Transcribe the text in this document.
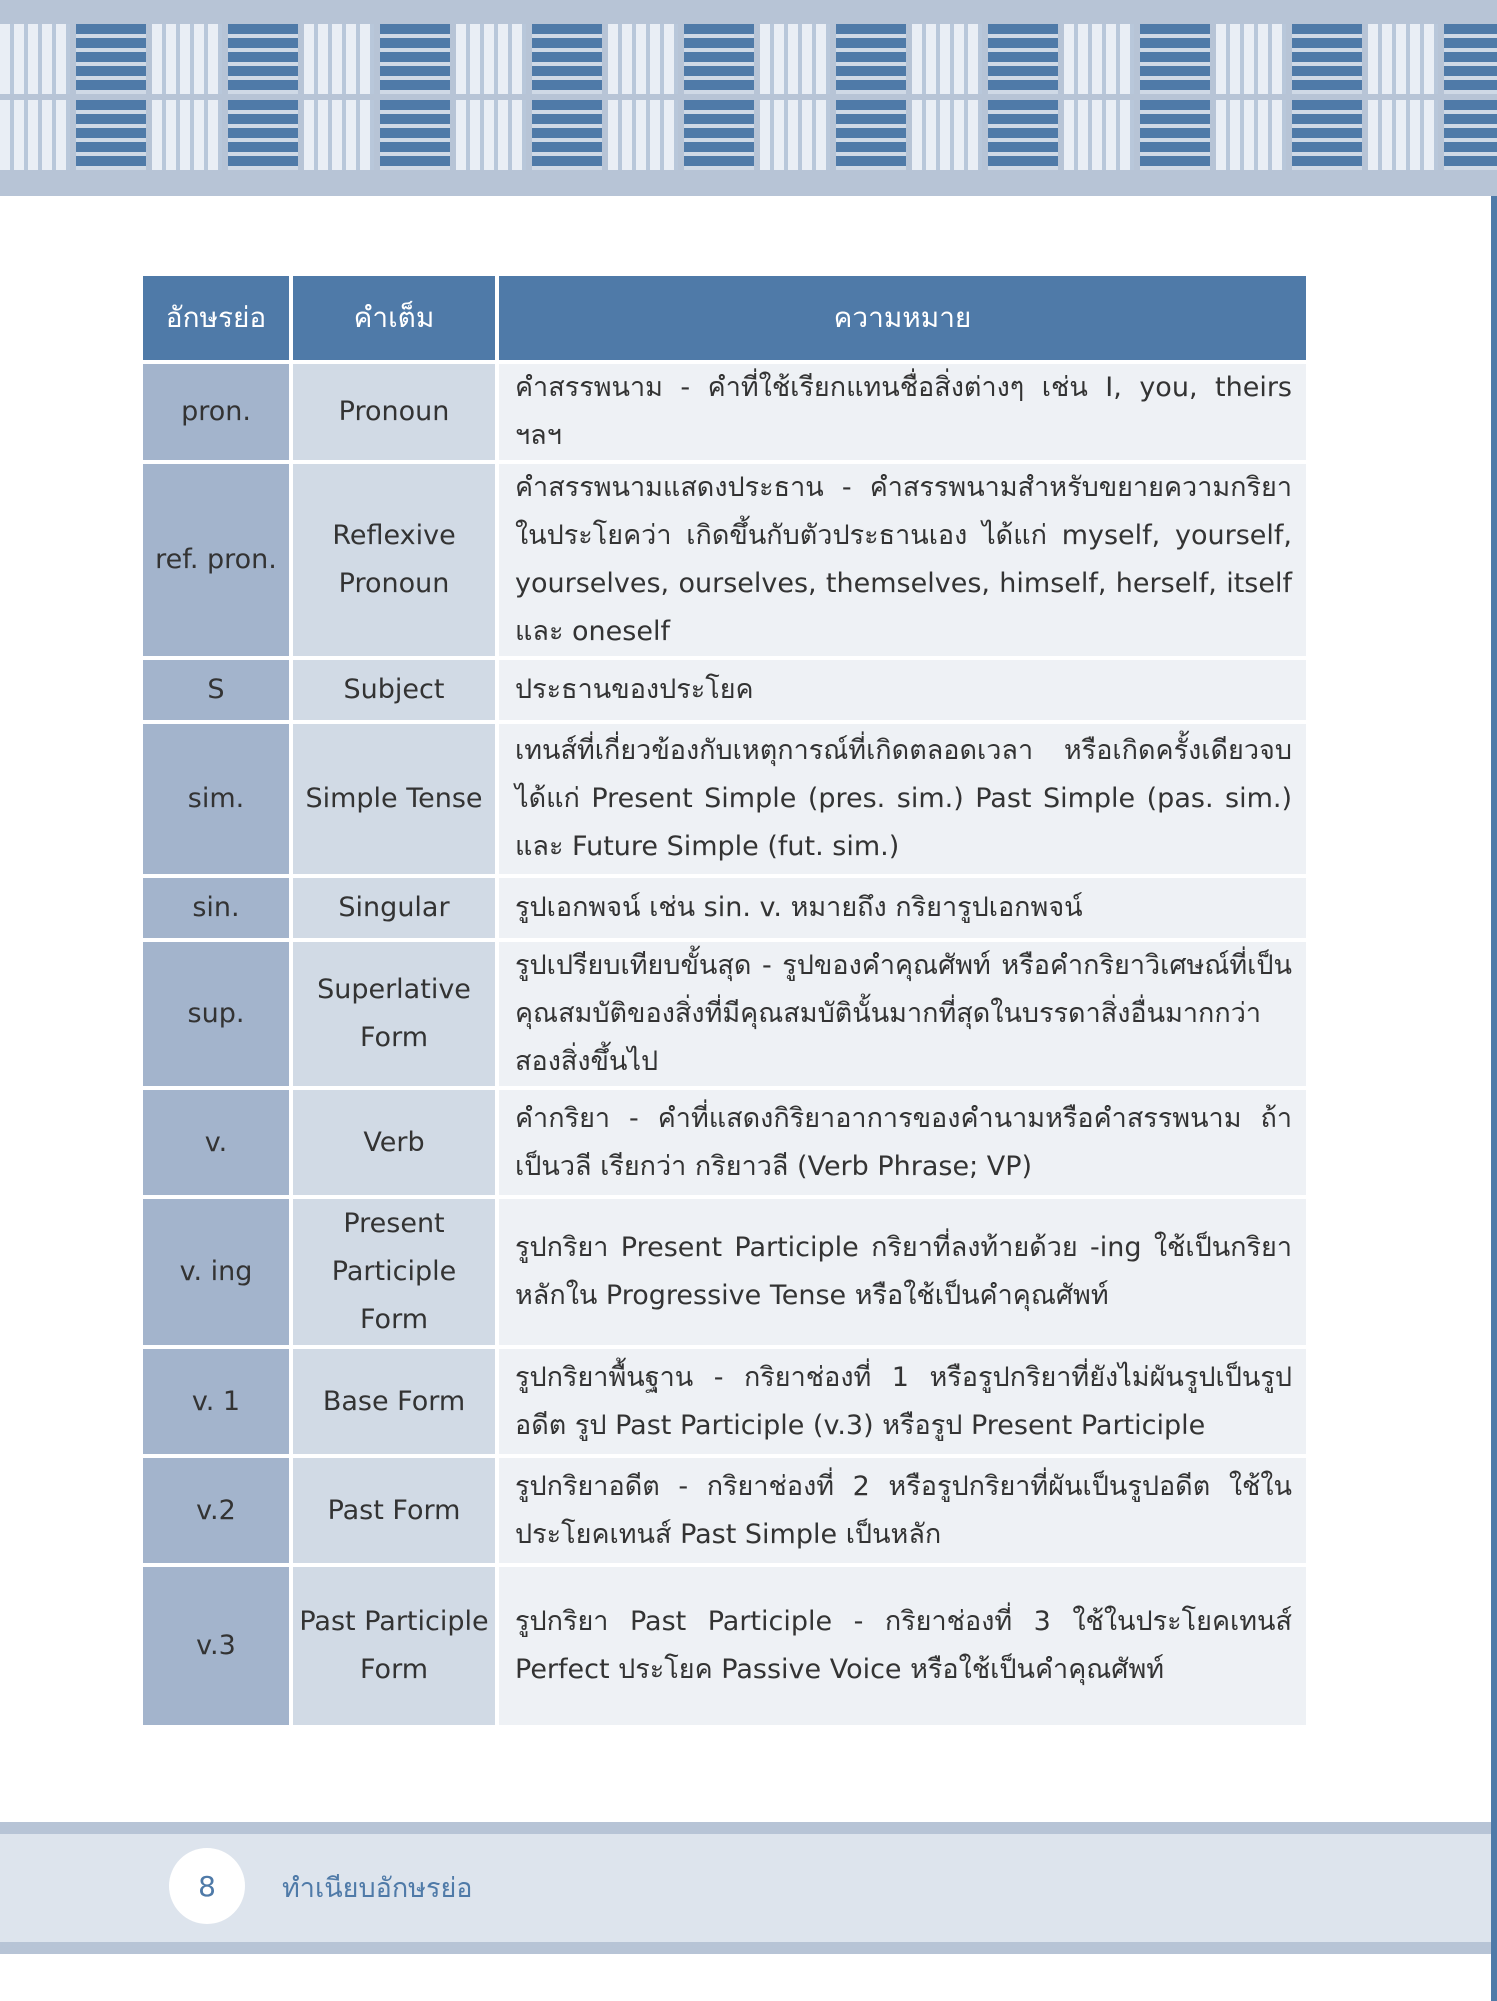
อักษรย่อ	คำเต็ม	ความหมาย
pron.	Pronoun	คำสรรพนาม - คำที่ใช้เรียกแทนชื่อสิ่งต่างๆ เช่น I, you, theirs ฯลฯ
ref. pron.	Reflexive Pronoun	คำสรรพนามแสดงประธาน - คำสรรพนามสำหรับขยายความกริยาในประโยคว่า เกิดขึ้นกับตัวประธานเอง ได้แก่ myself, yourself, yourselves, ourselves, themselves, himself, herself, itself และ oneself
S	Subject	ประธานของประโยค
sim.	Simple Tense	เทนส์ที่เกี่ยวข้องกับเหตุการณ์ที่เกิดตลอดเวลา หรือเกิดครั้งเดียวจบ ได้แก่ Present Simple (pres. sim.) Past Simple (pas. sim.) และ Future Simple (fut. sim.)
sin.	Singular	รูปเอกพจน์ เช่น sin. v. หมายถึง กริยารูปเอกพจน์
sup.	Superlative Form	รูปเปรียบเทียบขั้นสุด - รูปของคำคุณศัพท์ หรือคำกริยาวิเศษณ์ที่เป็นคุณสมบัติของสิ่งที่มีคุณสมบัตินั้นมากที่สุดในบรรดาสิ่งอื่นมากกว่าสองสิ่งขึ้นไป
v.	Verb	คำกริยา - คำที่แสดงกิริยาอาการของคำนามหรือคำสรรพนาม ถ้าเป็นวลี เรียกว่า กริยาวลี (Verb Phrase; VP)
v. ing	Present Participle Form	รูปกริยา Present Participle กริยาที่ลงท้ายด้วย -ing ใช้เป็นกริยาหลักใน Progressive Tense หรือใช้เป็นคำคุณศัพท์
v. 1	Base Form	รูปกริยาพื้นฐาน - กริยาช่องที่ 1 หรือรูปกริยาที่ยังไม่ผันรูปเป็นรูปอดีต รูป Past Participle (v.3) หรือรูป Present Participle
v.2	Past Form	รูปกริยาอดีต - กริยาช่องที่ 2 หรือรูปกริยาที่ผันเป็นรูปอดีต ใช้ในประโยคเทนส์ Past Simple เป็นหลัก
v.3	Past Participle Form	รูปกริยา Past Participle - กริยาช่องที่ 3 ใช้ในประโยคเทนส์ Perfect ประโยค Passive Voice หรือใช้เป็นคำคุณศัพท์
8	ทำเนียบอักษรย่อ
